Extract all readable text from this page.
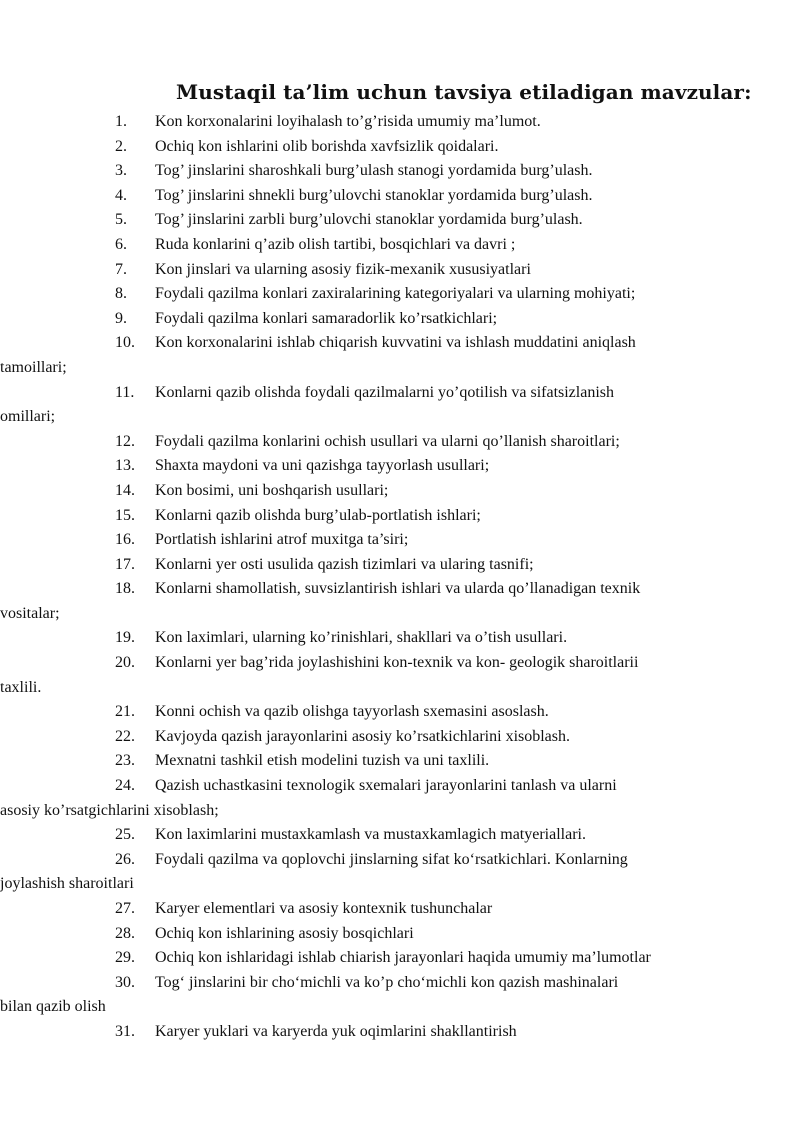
Mustaqil ta’lim uchun tavsiya etiladigan mavzular:
1. Kon korxonalarini loyihalash to’g’risida umumiy ma’lumot.
2. Ochiq kon ishlarini olib borishda xavfsizlik qoidalari.
3. Tog’ jinslarini sharoshkali burg’ulash stanogi yordamida burg’ulash.
4. Tog’ jinslarini shnekli burg’ulovchi stanoklar yordamida burg’ulash.
5. Tog’ jinslarini zarbli burg’ulovchi stanoklar yordamida burg’ulash.
6. Ruda konlarini q’azib olish tartibi, bosqichlari va davri ;
7. Kon jinslari va ularning asosiy fizik-mexanik xususiyatlari
8. Foydali qazilma konlari zaxiralarining kategoriyalari va ularning mohiyati;
9. Foydali qazilma konlari samaradorlik ko’rsatkichlari;
10. Kon korxonalarini ishlab chiqarish kuvvatini va ishlash muddatini aniqlash
tamoillari;
11. Konlarni qazib olishda foydali qazilmalarni yo’qotilish va sifatsizlanish
omillari;
12. Foydali qazilma konlarini ochish usullari va ularni qo’llanish sharoitlari;
13. Shaxta maydoni va uni qazishga tayyorlash usullari;
14. Kon bosimi, uni boshqarish usullari;
15. Konlarni qazib olishda burg’ulab-portlatish ishlari;
16. Portlatish ishlarini atrof muxitga ta’siri;
17. Konlarni yer osti usulida qazish tizimlari va ularing tasnifi;
18. Konlarni shamollatish, suvsizlantirish ishlari va ularda qo’llanadigan texnik
vositalar;
19. Kon laximlari, ularning ko’rinishlari, shakllari va o’tish usullari.
20. Konlarni yer bag’rida joylashishini kon-texnik va kon- geologik sharoitlarii
taxlili.
21. Konni ochish va qazib olishga tayyorlash sxemasini asoslash.
22. Kavjoyda qazish jarayonlarini asosiy ko’rsatkichlarini xisoblash.
23. Mexnatni tashkil etish modelini tuzish va uni taxlili.
24. Qazish uchastkasini texnologik sxemalari jarayonlarini tanlash va ularni
asosiy ko’rsatgichlarini xisoblash;
25. Kon laximlarini mustaxkamlash va mustaxkamlagich matyeriallari.
26. Foydali qazilma va qoplovchi jinslarning sifat ko‘rsatkichlari. Konlarning
joylashish sharoitlari
27. Karyer elementlari va asosiy kontexnik tushunchalar
28. Ochiq kon ishlarining asosiy bosqichlari
29. Ochiq kon ishlaridagi ishlab chiarish jarayonlari haqida umumiy ma’lumotlar
30. Tog‘ jinslarini bir cho‘michli va ko’p cho‘michli kon qazish mashinalari
bilan qazib olish
31. Karyer yuklari va karyerda yuk oqimlarini shakllantirish
